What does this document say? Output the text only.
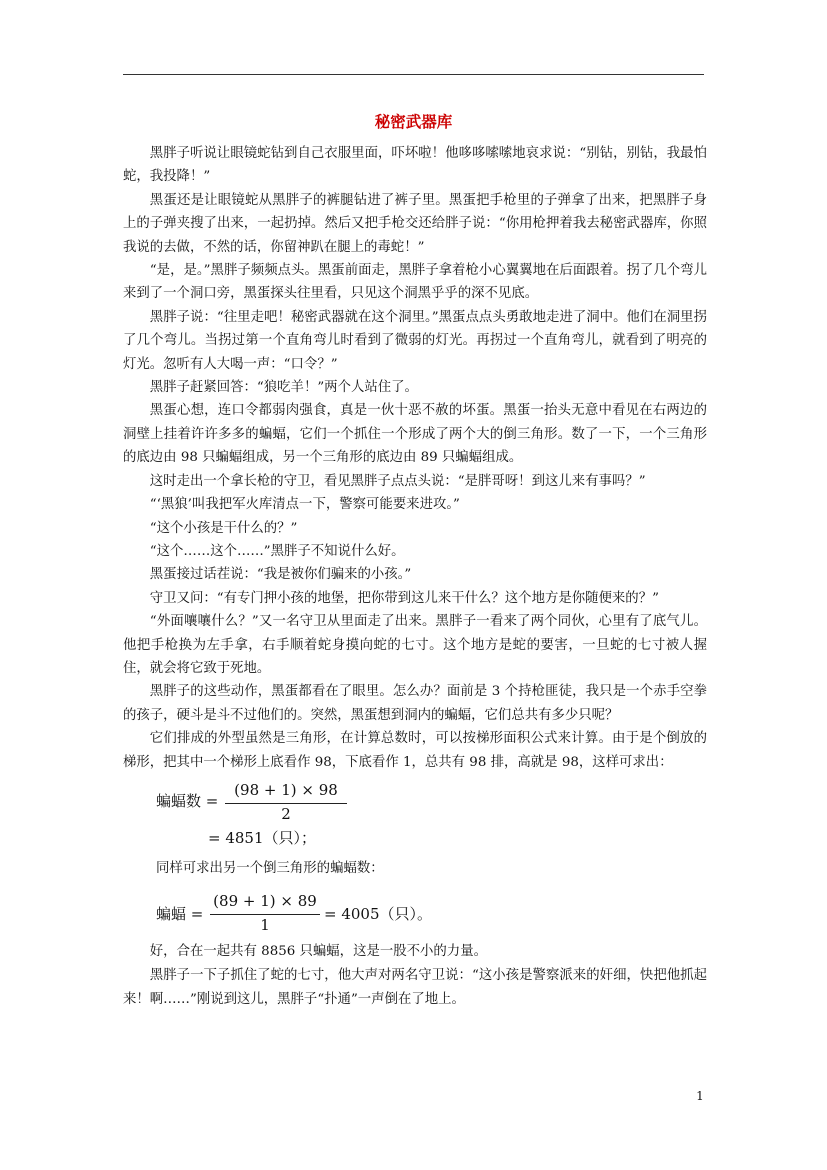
秘密武器库

黑胖子听说让眼镜蛇钻到自己衣服里面，吓坏啦！他哆哆嗦嗦地哀求说：“别钻，别钻，我最怕蛇，我投降！”

黑蛋还是让眼镜蛇从黑胖子的裤腿钻进了裤子里。黑蛋把手枪里的子弹拿了出来，把黑胖子身上的子弹夹搜了出来，一起扔掉。然后又把手枪交还给胖子说：“你用枪押着我去秘密武器库，你照我说的去做，不然的话，你留神趴在腿上的毒蛇！”

“是，是。”黑胖子频频点头。黑蛋前面走，黑胖子拿着枪小心翼翼地在后面跟着。拐了几个弯儿来到了一个洞口旁，黑蛋探头往里看，只见这个洞黑乎乎的深不见底。

黑胖子说：“往里走吧！秘密武器就在这个洞里。”黑蛋点点头勇敢地走进了洞中。他们在洞里拐了几个弯儿。当拐过第一个直角弯儿时看到了微弱的灯光。再拐过一个直角弯儿，就看到了明亮的灯光。忽听有人大喝一声：“口令？”

黑胖子赶紧回答：“狼吃羊！”两个人站住了。

黑蛋心想，连口令都弱肉强食，真是一伙十恶不赦的坏蛋。黑蛋一抬头无意中看见在右两边的洞壁上挂着许许多多的蝙蝠，它们一个抓住一个形成了两个大的倒三角形。数了一下，一个三角形的底边由 98 只蝙蝠组成，另一个三角形的底边由 89 只蝙蝠组成。

这时走出一个拿长枪的守卫，看见黑胖子点点头说：“是胖哥呀！到这儿来有事吗？”

“‘黑狼’叫我把军火库清点一下，警察可能要来进攻。”

“这个小孩是干什么的？”

“这个……这个……”黑胖子不知说什么好。

黑蛋接过话茬说：“我是被你们骗来的小孩。”

守卫又问：“有专门押小孩的地堡，把你带到这儿来干什么？这个地方是你随便来的？”

“外面嚷嚷什么？”又一名守卫从里面走了出来。黑胖子一看来了两个同伙，心里有了底气儿。他把手枪换为左手拿，右手顺着蛇身摸向蛇的七寸。这个地方是蛇的要害，一旦蛇的七寸被人握住，就会将它致于死地。

黑胖子的这些动作，黑蛋都看在了眼里。怎么办？面前是 3 个持枪匪徒，我只是一个赤手空拳的孩子，硬斗是斗不过他们的。突然，黑蛋想到洞内的蝙蝠，它们总共有多少只呢？

它们排成的外型虽然是三角形，在计算总数时，可以按梯形面积公式来计算。由于是个倒放的梯形，把其中一个梯形上底看作 98，下底看作 1，总共有 98 排，高就是 98，这样可求出：

蝙蝠数 =
(98 + 1) × 98
2
= 4851（只）；
同样可求出另一个倒三角形的蝙蝠数：
蝙蝠 =
(89 + 1) × 89
1
= 4005（只）。

好，合在一起共有 8856 只蝙蝠，这是一股不小的力量。

黑胖子一下子抓住了蛇的七寸，他大声对两名守卫说：“这小孩是警察派来的奸细，快把他抓起来！啊……”刚说到这儿，黑胖子“扑通”一声倒在了地上。

1
